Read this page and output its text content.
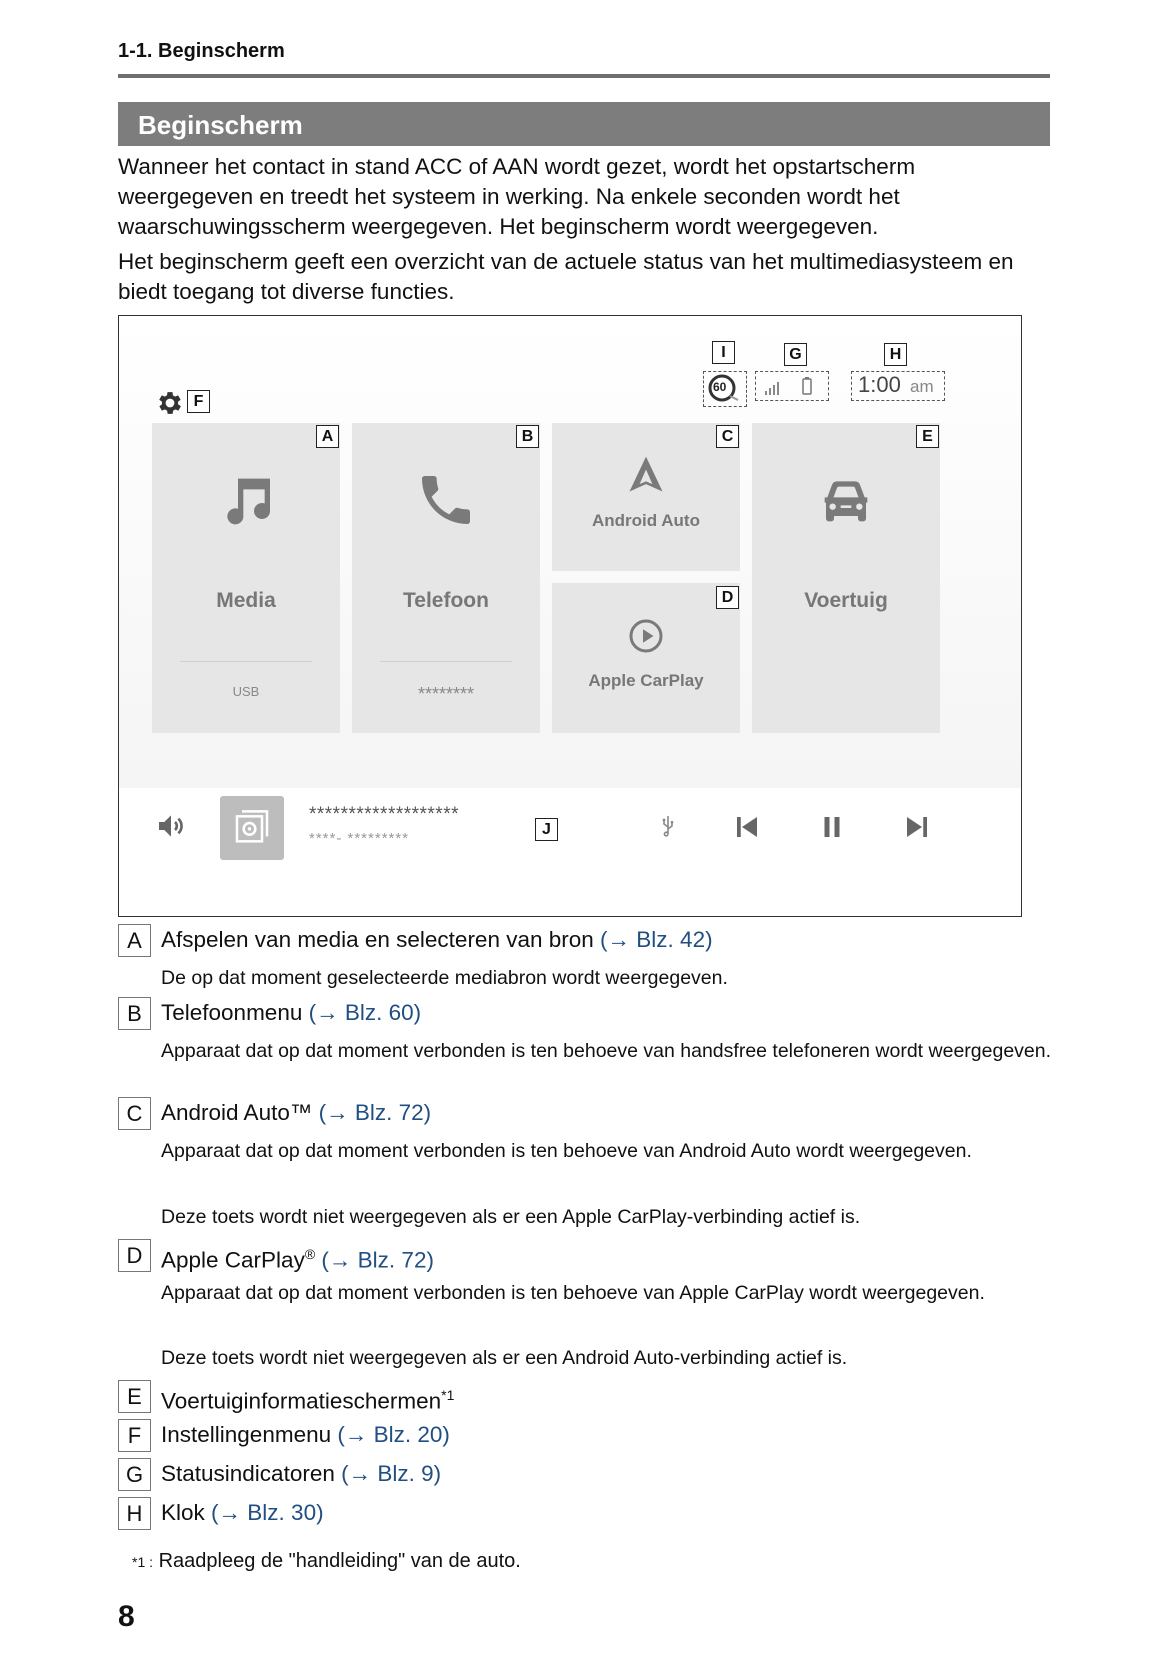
1-1. Beginscherm
Beginscherm

Wanneer het contact in stand ACC of AAN wordt gezet, wordt het opstartscherm weergegeven en treedt het systeem in werking. Na enkele seconden wordt het waarschuwingsscherm weergegeven. Het beginscherm wordt weergegeven.

Het beginscherm geeft een overzicht van de actuele status van het multimediasysteem en biedt toegang tot diverse functies.

F
I	G	H
60	1:00 am
Media
USB
A
Telefoon
********
B
Android Auto
C
Apple CarPlay
D	Voertuig
E
*******************
****- *********
J
A Afspelen van media en selecteren van bron (→ Blz. 42)

De op dat moment geselecteerde mediabron wordt weergegeven.

B Telefoonmenu (→ Blz. 60)

Apparaat dat op dat moment verbonden is ten behoeve van handsfree telefoneren wordt weergegeven.

C Android Auto™ (→ Blz. 72)

Apparaat dat op dat moment verbonden is ten behoeve van Android Auto wordt weergegeven.

Deze toets wordt niet weergegeven als er een Apple CarPlay-verbinding actief is.

D Apple CarPlay® (→ Blz. 72)

Apparaat dat op dat moment verbonden is ten behoeve van Apple CarPlay wordt weergegeven.

Deze toets wordt niet weergegeven als er een Android Auto-verbinding actief is.

E Voertuiginformatieschermen$^{*1}$
F Instellingenmenu (→ Blz. 20)
G Statusindicatoren (→ Blz. 9)
H Klok (→ Blz. 30)
*1 : Raadpleeg de "handleiding" van de auto.
8
